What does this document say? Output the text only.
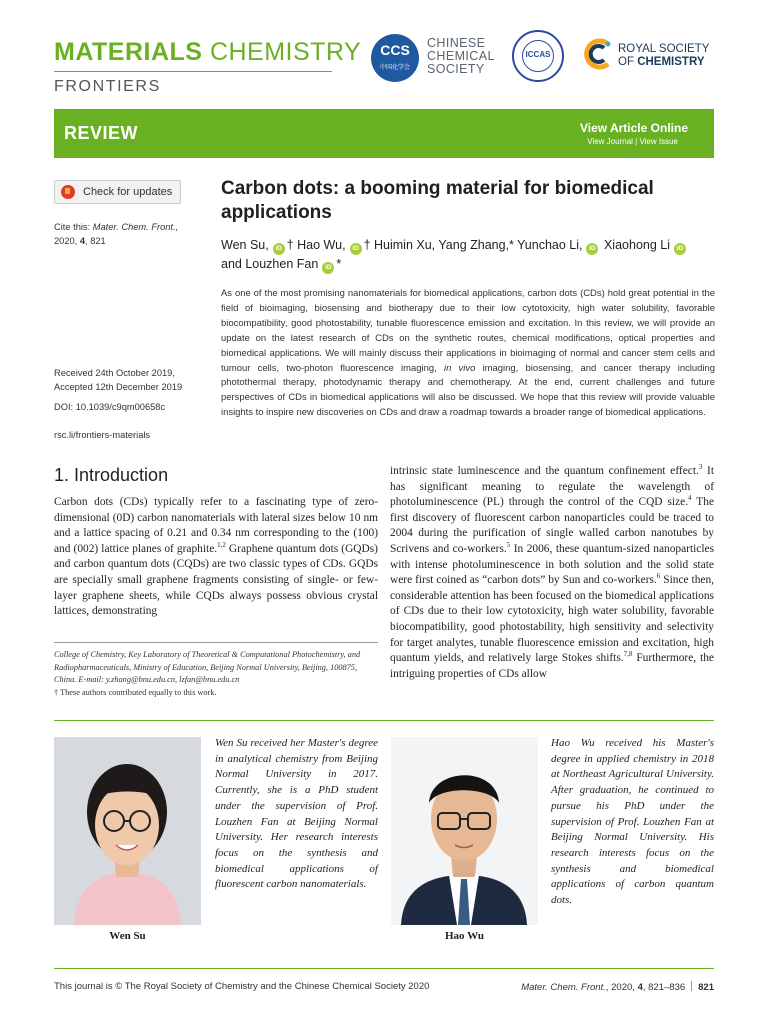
MATERIALS CHEMISTRY
FRONTIERS
CCS
中国化学会
CHINESE
CHEMICAL
SOCIETY
ICCAS	ROYAL SOCIETY
OF CHEMISTRY
REVIEW	View Article Online
View Journal | View Issue
Check for updates
Cite this: Mater. Chem. Front.,
2020, 4, 821
Received 24th October 2019,
Accepted 12th December 2019
DOI: 10.1039/c9qm00658c
rsc.li/frontiers-materials
Carbon dots: a booming material for biomedical applications
Wen Su, iD † Hao Wu, iD † Huimin Xu, Yang Zhang,* Yunchao Li, iD Xiaohong Li iD
and Louzhen Fan iD *
As one of the most promising nanomaterials for biomedical applications, carbon dots (CDs) hold great potential in the field of bioimaging, biosensing and biotherapy due to their low cytotoxicity, high water solubility, favorable biocompatibility, good photostability, tunable fluorescence emission and excitation. In this review, we will provide an update on the latest research of CDs on the synthetic routes, chemical modifications, optical properties and biomedical applications. We will mainly discuss their applications in bioimaging of normal and cancer stem cells and tumour cells, two-photon fluorescence imaging, in vivo imaging, biosensing, and cancer therapy including photothermal therapy, photodynamic therapy and chemotherapy. At the end, current challenges and future perspectives of CDs in biomedical applications will also be discussed. We hope that this review will provide valuable insights to inspire new discoveries on CDs and draw a roadmap towards a broader range of biomedical applications.
1. Introduction
Carbon dots (CDs) typically refer to a fascinating type of zero-dimensional (0D) carbon nanomaterials with lateral sizes below 10 nm and a lattice spacing of 0.21 and 0.34 nm corresponding to the (100) and (002) lattice planes of graphite.$^{1,2}$ Graphene quantum dots (GQDs) and carbon quantum dots (CQDs) are two classic types of CDs. GQDs are specially small graphene fragments consisting of single- or few-layer graphene sheets, while CQDs always possess obvious crystal lattices, demonstrating
intrinsic state luminescence and the quantum confinement effect.$^3$ It has significant meaning to regulate the wavelength of photoluminescence (PL) through the control of the CQD size.$^4$ The first discovery of fluorescent carbon nanoparticles could be traced to 2004 during the purification of single walled carbon nanotubes by Scrivens and co-workers.$^5$ In 2006, these quantum-sized nanoparticles with intense photoluminescence in both solution and the solid state were first coined as “carbon dots” by Sun and co-workers.$^6$ Since then, considerable attention has been focused on the biomedical applications of CDs due to their low cytotoxicity, high water solubility, favorable biocompatibility, good photostability, high sensitivity and selectivity for target analytes, tunable fluorescence emission and excitation, high quantum yields, and relatively large Stokes shifts.$^{7,8}$ Furthermore, the intriguing properties of CDs allow
College of Chemistry, Key Laboratory of Theoretical & Computational Photochemistry, and Radiopharmaceuticals, Ministry of Education, Beijing Normal University, Beijing, 100875, China. E-mail: y.zhang@bnu.edu.cn, lzfan@bnu.edu.cn
† These authors contributed equally to this work.
Wen Su received her Master's degree in analytical chemistry from Beijing Normal University in 2017. Currently, she is a PhD student under the supervision of Prof. Louzhen Fan at Beijing Normal University. Her research interests focus on the synthesis and biomedical applications of fluorescent carbon nanomaterials.
Wen Su
Hao Wu received his Master's degree in applied chemistry in 2018 at Northeast Agricultural University. After graduation, he continued to pursue his PhD under the supervision of Prof. Louzhen Fan at Beijing Normal University. His research interests focus on the synthesis and biomedical applications of carbon quantum dots.
Hao Wu
This journal is © The Royal Society of Chemistry and the Chinese Chemical Society 2020	Mater. Chem. Front., 2020, 4, 821–836 821
